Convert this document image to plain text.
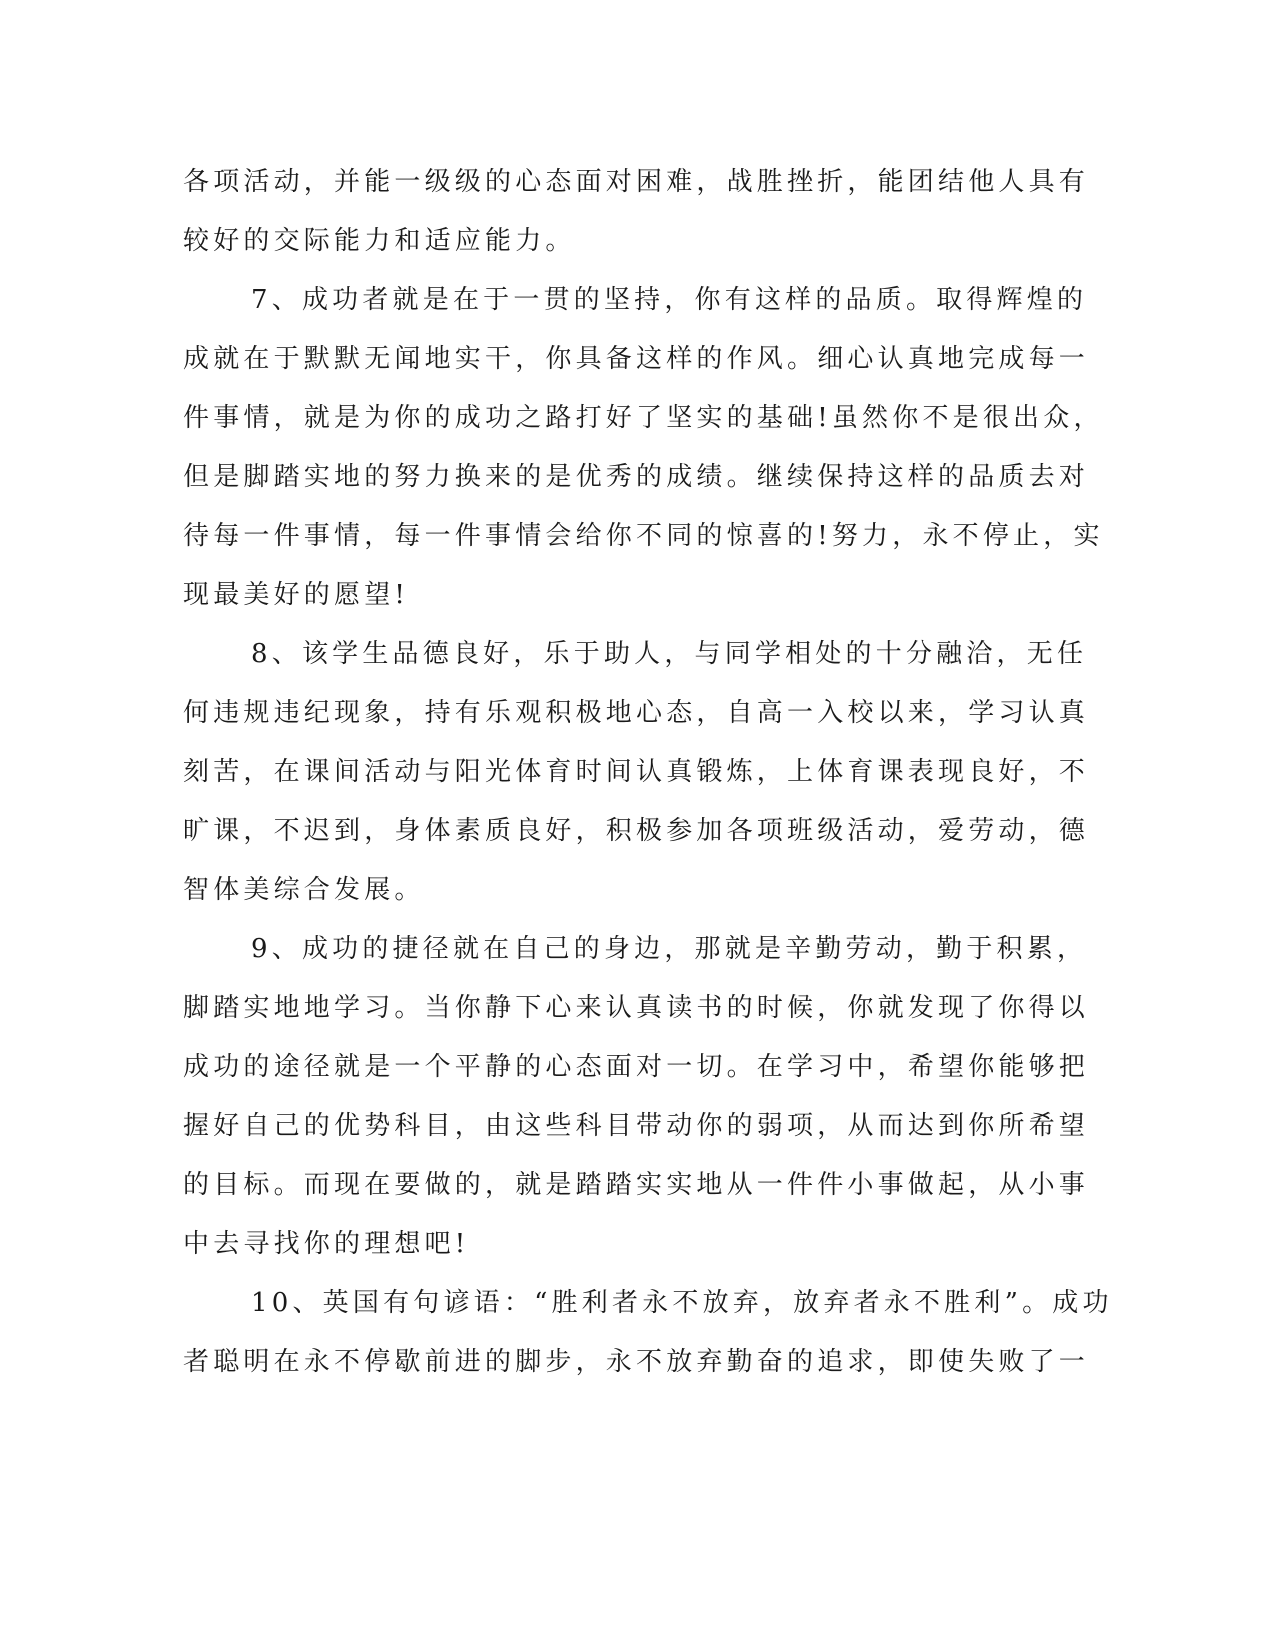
各项活动，并能一级级的心态面对困难，战胜挫折，能团结他人具有
较好的交际能力和适应能力。
7、成功者就是在于一贯的坚持，你有这样的品质。取得辉煌的
成就在于默默无闻地实干，你具备这样的作风。细心认真地完成每一
件事情，就是为你的成功之路打好了坚实的基础!虽然你不是很出众，
但是脚踏实地的努力换来的是优秀的成绩。继续保持这样的品质去对
待每一件事情，每一件事情会给你不同的惊喜的!努力，永不停止，实
现最美好的愿望!
8、该学生品德良好，乐于助人，与同学相处的十分融洽，无任
何违规违纪现象，持有乐观积极地心态，自高一入校以来，学习认真
刻苦，在课间活动与阳光体育时间认真锻炼，上体育课表现良好，不
旷课，不迟到，身体素质良好，积极参加各项班级活动，爱劳动，德
智体美综合发展。
9、成功的捷径就在自己的身边，那就是辛勤劳动，勤于积累，
脚踏实地地学习。当你静下心来认真读书的时候，你就发现了你得以
成功的途径就是一个平静的心态面对一切。在学习中，希望你能够把
握好自己的优势科目，由这些科目带动你的弱项，从而达到你所希望
的目标。而现在要做的，就是踏踏实实地从一件件小事做起，从小事
中去寻找你的理想吧!
10、英国有句谚语：“胜利者永不放弃，放弃者永不胜利”。成功
者聪明在永不停歇前进的脚步，永不放弃勤奋的追求，即使失败了一
